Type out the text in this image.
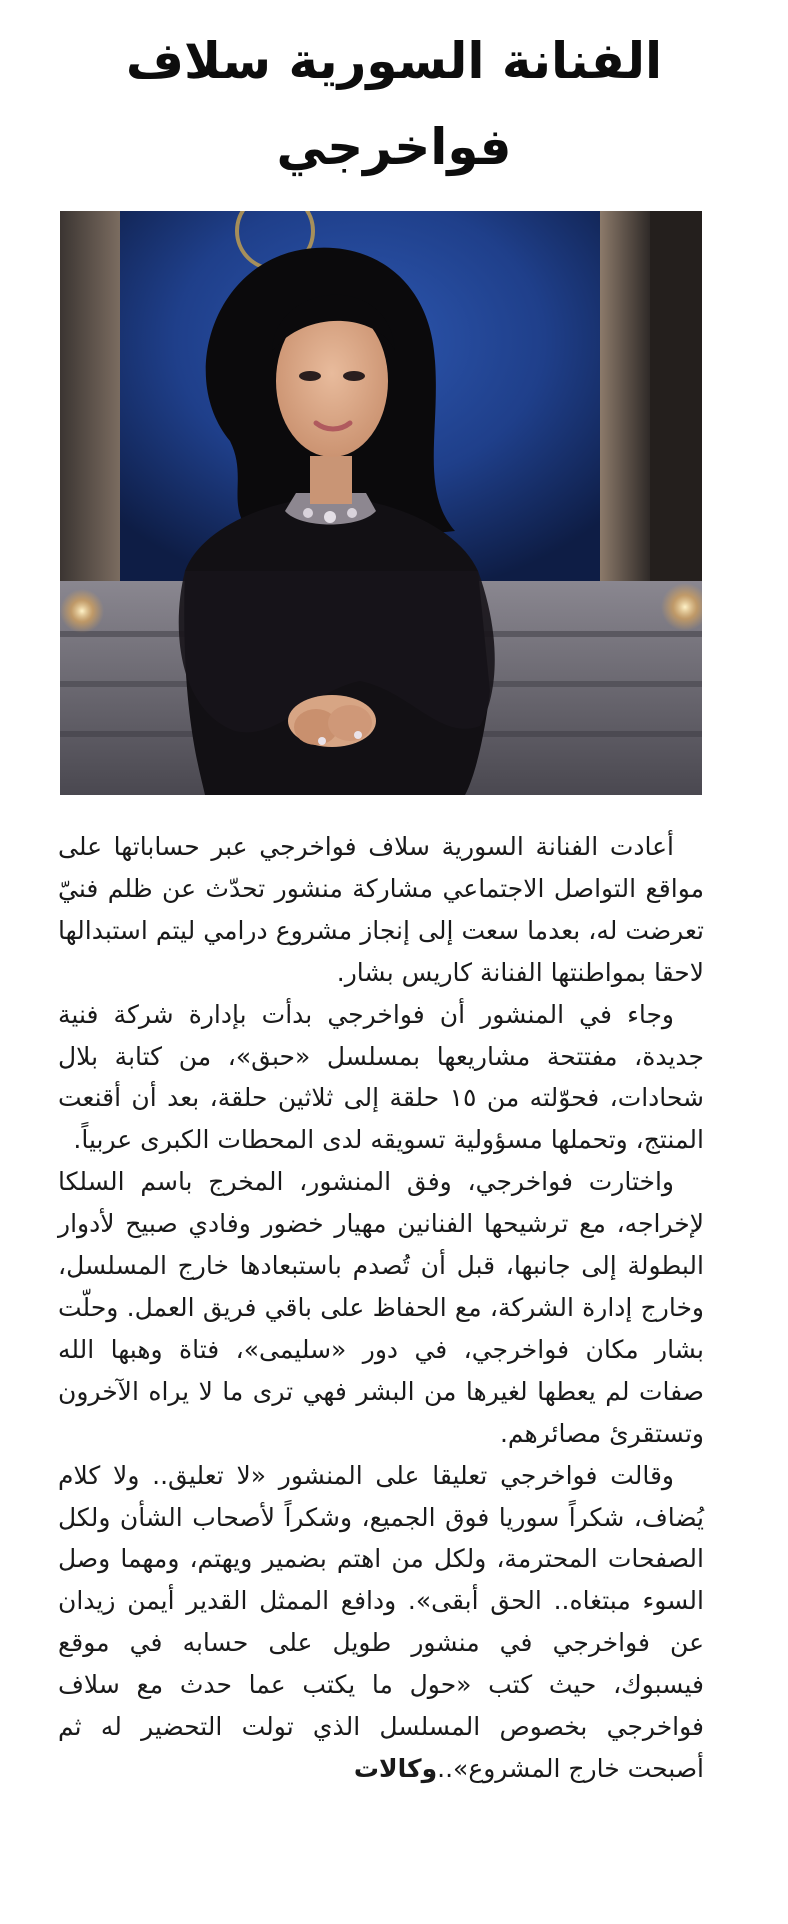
الفنانة السورية سلاف فواخرجي

أعادت الفنانة السورية سلاف فواخرجي عبر حساباتها على مواقع التواصل الاجتماعي مشاركة منشور تحدّث عن ظلم فنيّ تعرضت له، بعدما سعت إلى إنجاز مشروع درامي ليتم استبدالها لاحقا بمواطنتها الفنانة كاريس بشار.

وجاء في المنشور أن فواخرجي بدأت بإدارة شركة فنية جديدة، مفتتحة مشاريعها بمسلسل «حبق»، من كتابة بلال شحادات، فحوّلته من ١٥ حلقة إلى ثلاثين حلقة، بعد أن أقنعت المنتج، وتحملها مسؤولية تسويقه لدى المحطات الكبرى عربياً.

واختارت فواخرجي، وفق المنشور، المخرج باسم السلكا لإخراجه، مع ترشيحها الفنانين مهيار خضور وفادي صبيح لأدوار البطولة إلى جانبها، قبل أن تُصدم باستبعادها خارج المسلسل، وخارج إدارة الشركة، مع الحفاظ على باقي فريق العمل. وحلّت بشار مكان فواخرجي، في دور «سليمى»، فتاة وهبها الله صفات لم يعطها لغيرها من البشر فهي ترى ما لا يراه الآخرون وتستقرئ مصائرهم.

وقالت فواخرجي تعليقا على المنشور «لا تعليق.. ولا كلام يُضاف، شكراً سوريا فوق الجميع، وشكراً لأصحاب الشأن ولكل الصفحات المحترمة، ولكل من اهتم بضمير ويهتم، ومهما وصل السوء مبتغاه.. الحق أبقى». ودافع الممثل القدير أيمن زيدان عن فواخرجي في منشور طويل على حسابه في موقع فيسبوك، حيث كتب «حول ما يكتب عما حدث مع سلاف فواخرجي بخصوص المسلسل الذي تولت التحضير له ثم أصبحت خارج المشروع»..وكالات
